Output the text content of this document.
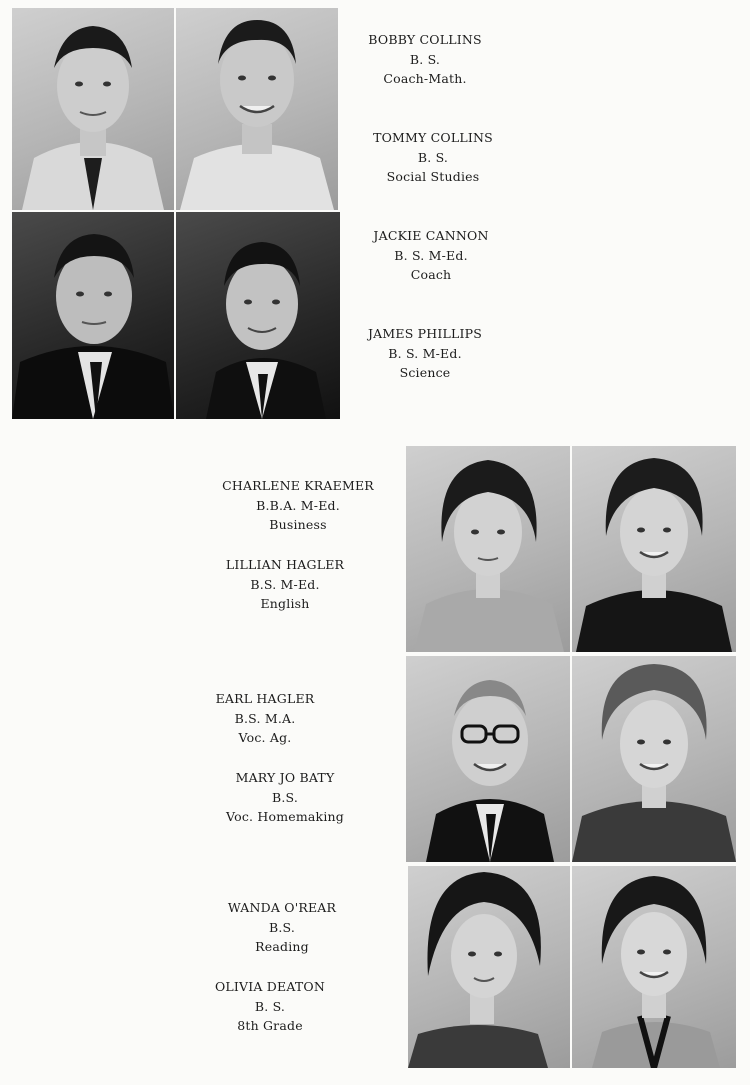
BOBBY COLLINS
B. S.
Coach-Math.
TOMMY COLLINS
B. S.
Social Studies
JACKIE CANNON
B. S. M-Ed.
Coach
JAMES PHILLIPS
B. S. M-Ed.
Science
CHARLENE KRAEMER
B.B.A. M-Ed.
Business
LILLIAN HAGLER
B.S. M-Ed.
English
EARL HAGLER
B.S. M.A.
Voc. Ag.
MARY JO BATY
B.S.
Voc. Homemaking
WANDA O'REAR
B.S.
Reading
OLIVIA DEATON
B. S.
8th Grade
